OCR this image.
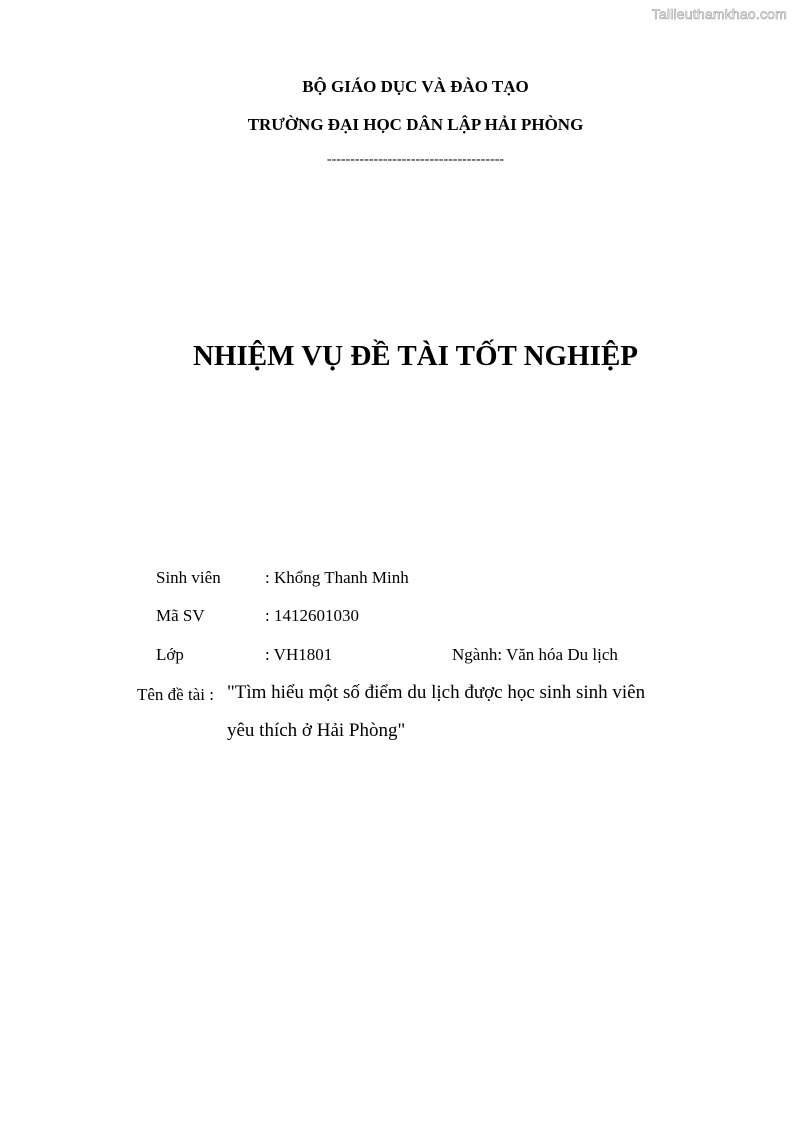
Tailieuthamkhao.com
BỘ GIÁO DỤC VÀ ĐÀO TẠO
TRƯỜNG ĐẠI HỌC DÂN LẬP HẢI PHÒNG
--------------------------------------
NHIỆM VỤ ĐỀ TÀI TỐT NGHIỆP
Sinh viên	: Khổng Thanh Minh
Mã SV	: 1412601030
Lớp	: VH1801	Ngành: Văn hóa Du lịch
Tên đề tài : "Tìm hiểu một số điểm du lịch được học sinh sinh viên
yêu thích ở Hải Phòng"
